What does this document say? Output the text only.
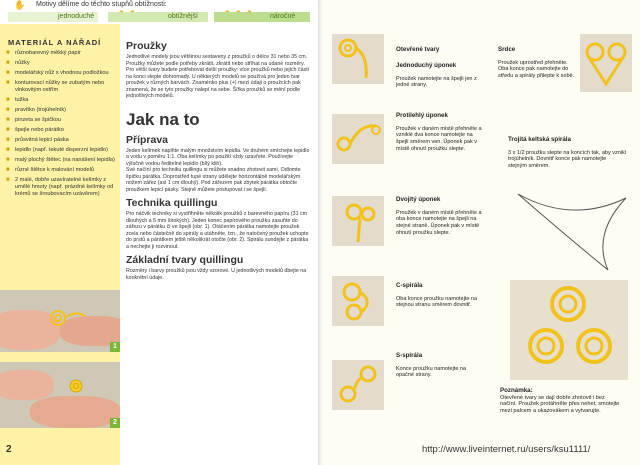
Motivy dělíme do těchto stupňů obtížnosti:
✋
jednoduché	obtížnější	náročné
MATERIÁL A NÁŘADÍ
■ různobarevný měkký papír
■ nůžky
■ modelářský nůž s vhodnou podložkou
■ konturovací nůžky se zubatým nebo vlnkovitým ostřím
■ tužka
■ pravítko (trojúhelník)
■ pinzeta se špičkou
■ špejle nebo párátko
■ průsvitná lepicí páska
■ lepidlo (např. tekuté disperzní lepidlo)
■ malý plochý štětec (na nanášení lepidla)
■ různé štětce k malování modelů
■ 2 malé, dobře uzavíratelné kelímky z umělé hmoty (např. prázdné kelímky od krémů se šroubovacím uzávěrem)
1
2
2

Proužky

Jednotlivé modely jsou většinou sestaveny z proužků o délce 31 nebo 35 cm. Proužky můžete podle potřeby zkrátit, zkrátit nebo stříhat na udané rozměry. Pro větší tvary budete potřebovat delší proužky: více proužků nebo jejich částí na konci slepte dohromady. U některých modelů se používá pro jeden tvar proužek v různých barvách. Znaménko plus (+) mezi údaji o proužcích pak znamená, že se tyto proužky nalepí na sebe. Šířka proužků se mění podle jednotlivých modelů.

Jak na to

Příprava

Jeden kelímek naplňte malým množstvím lepidla. Ve druhém smíchejte lepidlo a vodu v poměru 1:1. Oba kelímky po použití vždy uzavřete. Používejte výlučně vodou ředitelné lepidlo (bílý klih).
Své načíní pro techniku quillingu si můžete snadno zhotovit sami. Odlomte špičku párátka. Doprostřed tupé strany udělejte horizontálně modelářským nožem zářez (asi 1 cm dlouhý). Pod zářezem pak zbytek párátka obtočte proužkem lepicí pásky. Stejně můžete postupovat i se špejlí.

Technika quillingu

Pro náčvik techniky si vystřihněte několik proužků z barevného papíru (31 cm dlouhých a 5 mm širokých). Jeden konec papírového proužku zasuňte do zářezu v párátku či ve špejli (obr. 1). Otáčením párátka namotejte proužek zcela nebo částečně do spirály a utáhněte, tzn., že natočený proužek uchopte do prstů a párátkem ještě několikrát otočte (obr. 2). Spirálu sundejte z párátka a nechejte ji rozvinout.

Základní tvary quillingu

Rozměry i barvy proužků jsou vždy vzorové. U jednotlivých modelů dbejte na konkrétní údaje.

Otevřené tvary

Jednoduchý úponek

Proužek namotejte na špejli jen z jedné strany.

Protilehlý úponek

Proužek v daném místě přehněte a vzniklé dva konce namotejte na špejli směrem ven. Úponek pak v místě ohnutí proužku slepte.

Dvojitý úponek

Proužek v daném místě přehněte a oba konce namotejte na špejli na stejné straně. Úponek pak v místě ohnutí proužku slepte.

C-spirála

Oba konce proužku namotejte na stejnou stranu směrem dovnitř.

S-spirála

Konce proužku namotejte na opačné strany.

Srdce

Proužek uprostřed přehněte. Oba konce pak namotejte do středu a spirály přilepte k sobě.

Trojitá keltská spirála

3 x 1/2 proužku slepte na koncích tak, aby vznikl trojúhelník. Dovnitř konce pak namotejte stejným směrem.

Poznámka:
Otevřené tvary se dají dobře zhotovit i bez načíní. Proužek protáhněte přes nehet, smotejte mezi palcem a ukazovákem a vytvarujte.
http://www.liveinternet.ru/users/ksu1111/
